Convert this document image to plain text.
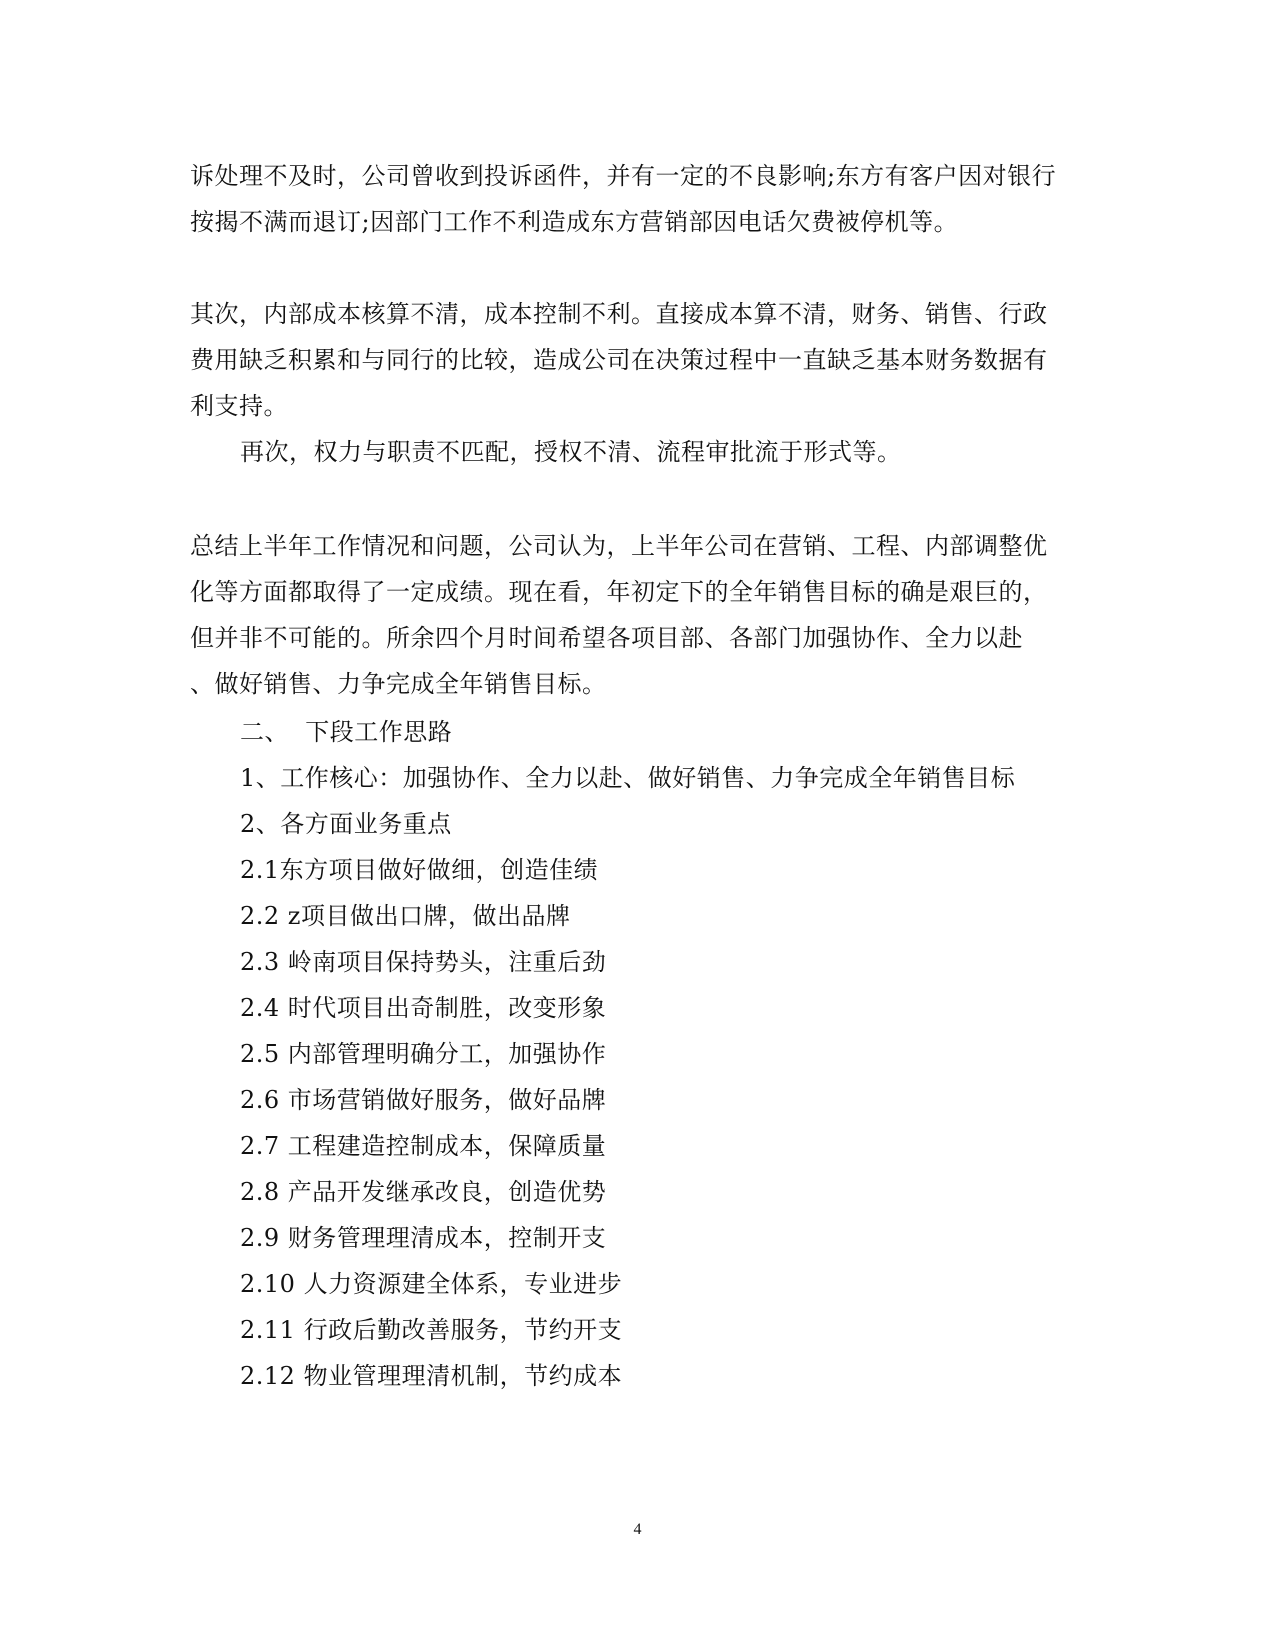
诉处理不及时，公司曾收到投诉函件，并有一定的不良影响;东方有客户因对银行
按揭不满而退订;因部门工作不利造成东方营销部因电话欠费被停机等。
其次，内部成本核算不清，成本控制不利。直接成本算不清，财务、销售、行政
费用缺乏积累和与同行的比较，造成公司在决策过程中一直缺乏基本财务数据有
利支持。
再次，权力与职责不匹配，授权不清、流程审批流于形式等。
总结上半年工作情况和问题，公司认为，上半年公司在营销、工程、内部调整优
化等方面都取得了一定成绩。现在看，年初定下的全年销售目标的确是艰巨的，
但并非不可能的。所余四个月时间希望各项目部、各部门加强协作、全力以赴
、做好销售、力争完成全年销售目标。
二、  下段工作思路
1、工作核心：加强协作、全力以赴、做好销售、力争完成全年销售目标
2、各方面业务重点
2.1东方项目做好做细，创造佳绩
2.2 z项目做出口牌，做出品牌
2.3 岭南项目保持势头，注重后劲
2.4 时代项目出奇制胜，改变形象
2.5 内部管理明确分工，加强协作
2.6 市场营销做好服务，做好品牌
2.7 工程建造控制成本，保障质量
2.8 产品开发继承改良，创造优势
2.9 财务管理理清成本，控制开支
2.10 人力资源建全体系，专业进步
2.11 行政后勤改善服务，节约开支
2.12 物业管理理清机制，节约成本
4
